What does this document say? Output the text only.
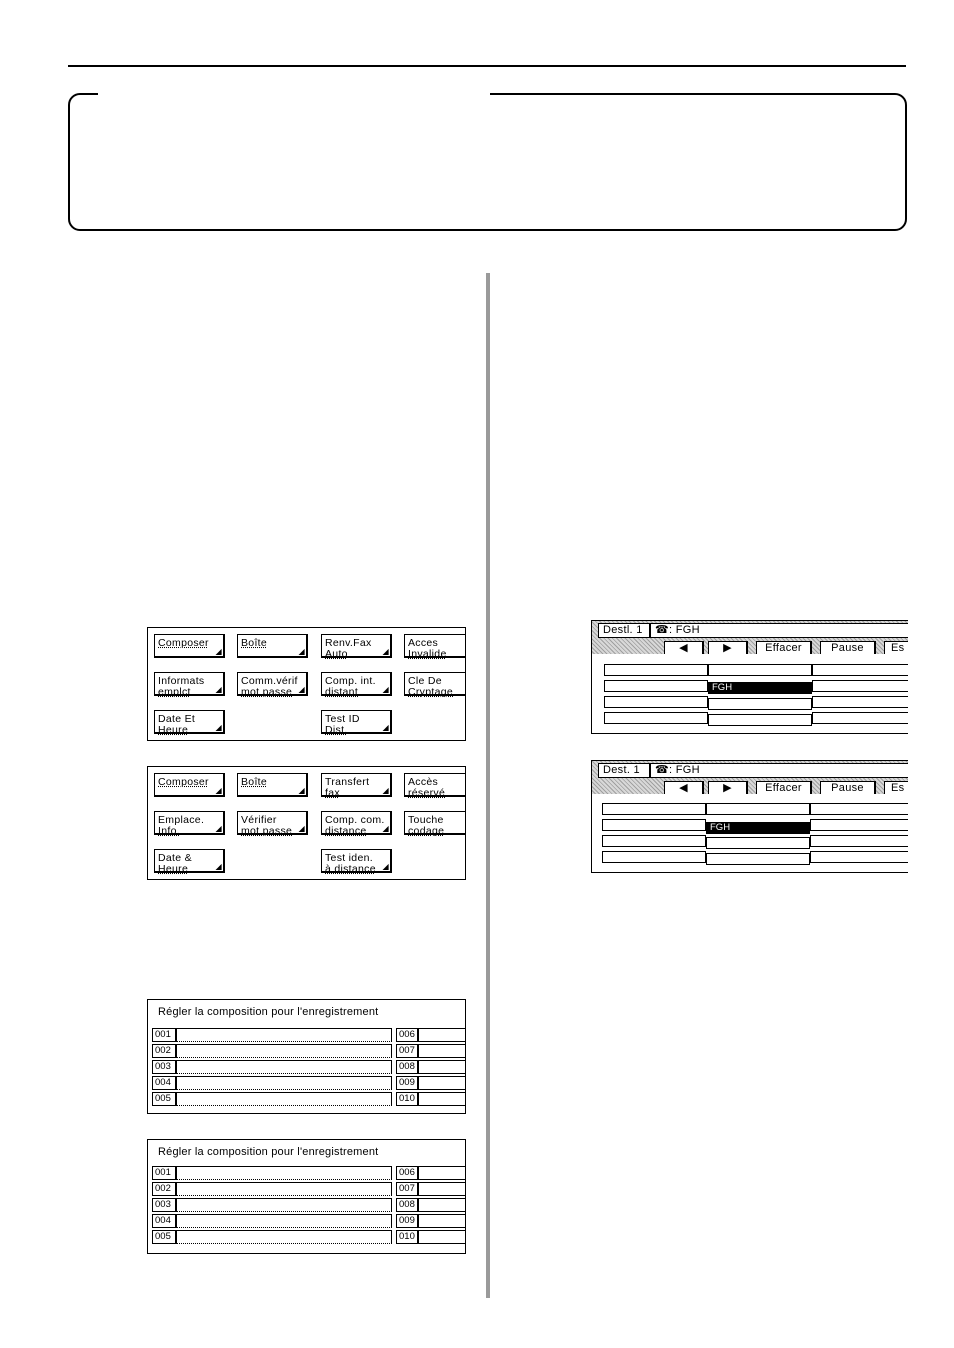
Composer
◢
Boîte
◢
Renv.Fax
Auto	◢
Acces
Invalide
Informats
emplct	◢
Comm.vérif
mot passe ◢
Comp. int.
distant	◢
Cle De
Cryptage
Date Et
Heure	◢
Test ID
Dist.	◢
Composer
◢
Boîte
◢
Transfert
fax	◢
Accès
réservé
Emplace.
Info.	◢
Vérifier
mot passe ◢
Comp. com.
distance	◢
Touche
codage
Date &
Heure	◢
Test iden.
à distance ◢
Régler la composition pour l'enregistrement
001	006
002	007
003	008
004	009
005	010
Régler la composition pour l'enregistrement
001	006
002	007
003	008
004	009
005	010
Destl. 1	☎: FGH
◀	▶	Effacer	Pause	Es
FGH
Dest. 1	☎: FGH
◀	▶	Effacer	Pause	Es
FGH
